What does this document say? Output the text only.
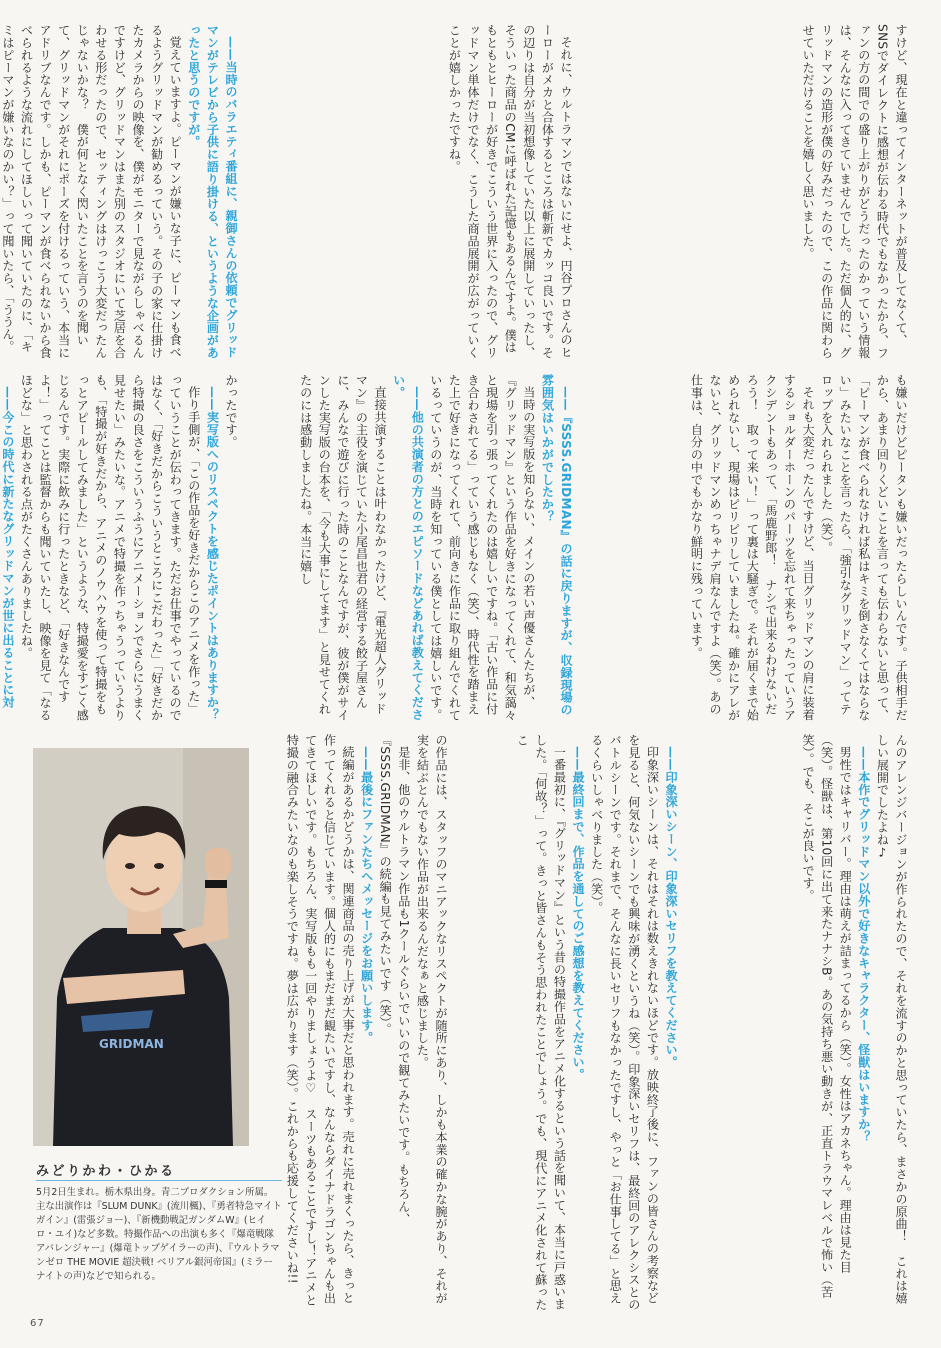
すけど、現在と違ってインターネットが普及してなくて、SNSでダイレクトに感想が伝わる時代でもなかったから、ファンの方の間での盛り上がりがどうだったのかっていう情報は、そんなに入ってきていませんでした。ただ個人的に、グリッドマンの造形が僕の好みだったので、この作品に関わらせていただけることを嬉しく思いました。

それに、ウルトラマンではないにせよ、円谷プロさんのヒーローがメカと合体するところは斬新でカッコ良いです。その辺りは自分が当初想像していた以上に展開していったし、そういった商品のCMに呼ばれた記憶もあるんですよ。僕はもともとヒーローが好きでこういう世界に入ったので、グリッドマン単体だけでなく、こうした商品展開が広がっていくことが嬉しかったですね。

——当時のバラエティ番組に、親御さんの依頼でグリッドマンがテレビから子供に語り掛ける、というような企画があったと思うのですが。

覚えていますよ。ピーマンが嫌いな子に、ピーマンも食べるようグリッドマンが勧めるっていう。その子の家に仕掛けたカメラからの映像を、僕がモニターで見ながらしゃべるんですけど、グリッドマンはまた別のスタジオにいて芝居を合わせる形だったので、セッティングはけっこう大変だったんじゃないかな？　僕が何となく閃いたことを言うのを聞いて、グリッドマンがそれにポーズを付けるっていう、本当にアドリブなんです。しかも、ピーマンが食べられないから食べられるような流れにしてほしいって聞いていたのに、「キミはピーマンが嫌いなのかい？」って聞いたら、「ううん。

も嫌いだけどピータンも嫌いだったらしいんです。子供相手だから、あまり回りくどいことを言っても伝わらないと思って、「ピーマンが食べられなければ私はキミを倒さなくてはならない」みたいなことを言ったら、「強引なグリッドマン」ってテロップを入れられました（笑）。

それも大変だったんですけど、当日グリッドマンの肩に装着するショルダーホーンのパーツを忘れて来ちゃったっていうアクシデントもあって、「馬鹿野郎！　ナシで出来るわけないだろう！　取って来い！」って裏は大騒ぎで。それが届くまで始められないし、現場はピリピリしていましたね。確かにアレがないと、グリッドマンめっちゃナデ肩なんですよ（笑）。あの仕事は、自分の中でもかなり鮮明に残っています。

——『SSSS.GRIDMAN』の話に戻りますが、収録現場の雰囲気はいかがでしたか？

当時の実写版を知らない、メインの若い声優さんたちが、『グリッドマン』という作品を好きになってくれて、和気藹々と現場を引っ張ってくれたのは嬉しいですね。「古い作品に付き合わされてる」っていう感じもなく（笑）、時代性を踏まえた上で好きになってくれて、前向きに作品に取り組んでくれているっていうのが、当時を知っている僕としては嬉しいです。

——他の共演者の方とのエピソードなどあれば教えてください。

直接共演することは叶わなかったけど、『電光超人グリッドマン』の主役を演じていた小尾昌也君の経営する餃子屋さんに、みんなで遊びに行った時のことなんですが、彼が僕がサインした実写版の台本を、「今も大事にしてます」と見せてくれたのには感動しましたね。本当に嬉し

かったです。

——実写版へのリスペクトを感じたポイントはありますか？

作り手側が、「この作品を好きだからこのアニメを作った」っていうことが伝わってきます。ただお仕事でやっているのではなく、「好きだからこういうところにこだわった」「好きだから特撮の良さをこういうふうにアニメーションでさらにうまく見せたい」みたいな。アニメで特撮を作っちゃうっていうよりも、「特撮が好きだから、アニメのノウハウを使って特撮をもっとアピールしてみました」というような、特撮愛をすごく感じるんです。実際に飲みに行ったときなど、「好きなんですよ！」ってことは監督からも聞いていたし、映像を見て「なるほどな」と思わされる点がたくさんありましたね。

——今この時代に新たなグリッドマンが世に出ることに対

んのアレンジバージョンが作られたので、それを流すのかと思っていたら、まさかの原曲！　これは嬉しい展開でしたよね♪

——本作でグリッドマン以外で好きなキャラクター、怪獣はいますか？

男性ではキャリバー。理由は萌えが詰まってるから（笑）。女性はアカネちゃん。理由は見た目（笑）。怪獣は、第10回に出て来たナナシB。あの気持ち悪い動きが、正直トラウマレベルで怖い（苦笑）。でも、そこが良いです。

——印象深いシーン、印象深いセリフを教えてください。

印象深いシーンは、それはそれは数えきれないほどです。放映終了後に、ファンの皆さんの考察などを見ると、何気ないシーンでも興味が湧くというね（笑）。印象深いセリフは、最終回のアレクシスとのバトルシーンです。それまで、そんなに長いセリフもなかったですし、やっと「お仕事してる」と思えるくらいしゃべりました（笑）。

——最終回まで、作品を通してのご感想を教えてください。

一番最初に、『グリッドマン』という昔の特撮作品をアニメ化するという話を聞いて、本当に戸惑いました。「何故？」って。きっと皆さんもそう思われたことでしょう。でも、現代にアニメ化されて蘇ったこ

の作品には、スタッフのマニアックなリスペクトが随所にあり、しかも本業の確かな腕があり、それが実を結ぶとんでもない作品が出来るんだなぁと感じました。

是非、他のウルトラマン作品も1クールぐらいでいいので観てみたいです。もちろん、『SSSS.GRIDMAN』の続編も見てみたいです（笑）。

——最後にファンたちへメッセージをお願いします。

続編があるかどうかは、関連商品の売り上げが大事だと思われます。売れに売れまくったら、きっと作ってくれると信じています。個人的にもまだまだ観たいですし、なんならダイナドラゴンちゃんも出てきてほしいです。もちろん、実写版もも一回やりましょうよ♡　スーツもあることですし！アニメと特撮の融合みたいなのも楽しそうですね。夢は広がります（笑）。これからも応援してくださいね!!

GRIDMAN
みどりかわ・ひかる
5月2日生まれ。栃木県出身。青二プロダクション所属。主な出演作は『SLUM DUNK』(流川楓)、『勇者特急マイトガイン』(雷張ジョー)、『新機動戦記ガンダムW』(ヒイロ・ユイ)など多数。特撮作品への出演も多く『爆竜戦隊アバレンジャー』(爆竜トップゲイラーの声)、『ウルトラマンゼロ THE MOVIE 超決戦! ベリアル銀河帝国』(ミラーナイトの声)などで知られる。
67
